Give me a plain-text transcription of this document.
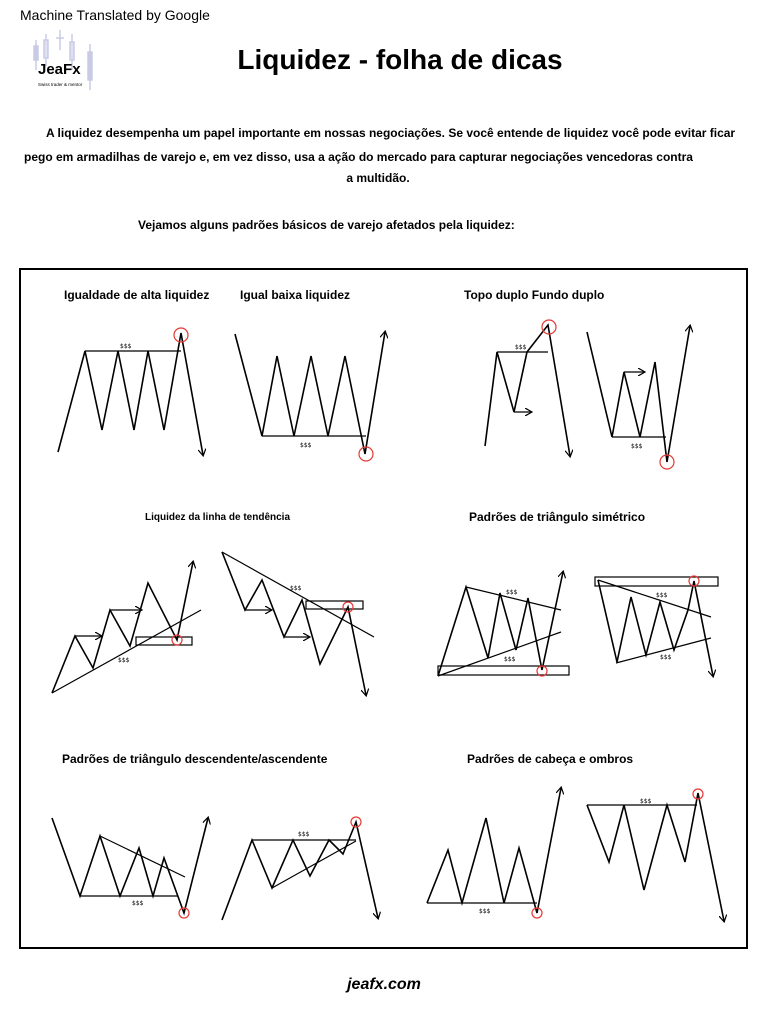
Machine Translated by Google
JeaFx
Swiss trader & mentor
Liquidez - folha de dicas
A liquidez desempenha um papel importante em nossas negociações. Se você entende de liquidez você pode evitar ficar
pego em armadilhas de varejo e, em vez disso, usa a ação do mercado para capturar negociações vencedoras contra
a multidão.
Vejamos alguns padrões básicos de varejo afetados pela liquidez:
Igualdade de alta liquidez	Igual baixa liquidez	Topo duplo Fundo duplo
Liquidez da linha de tendência	Padrões de triângulo simétrico
Padrões de triângulo descendente/ascendente	Padrões de cabeça e ombros
$$$
$$$
$$$
$$$
$$$
$$$
$$$
$$$
$$$
$$$
$$$
$$$
$$$
$$$
jeafx.com
